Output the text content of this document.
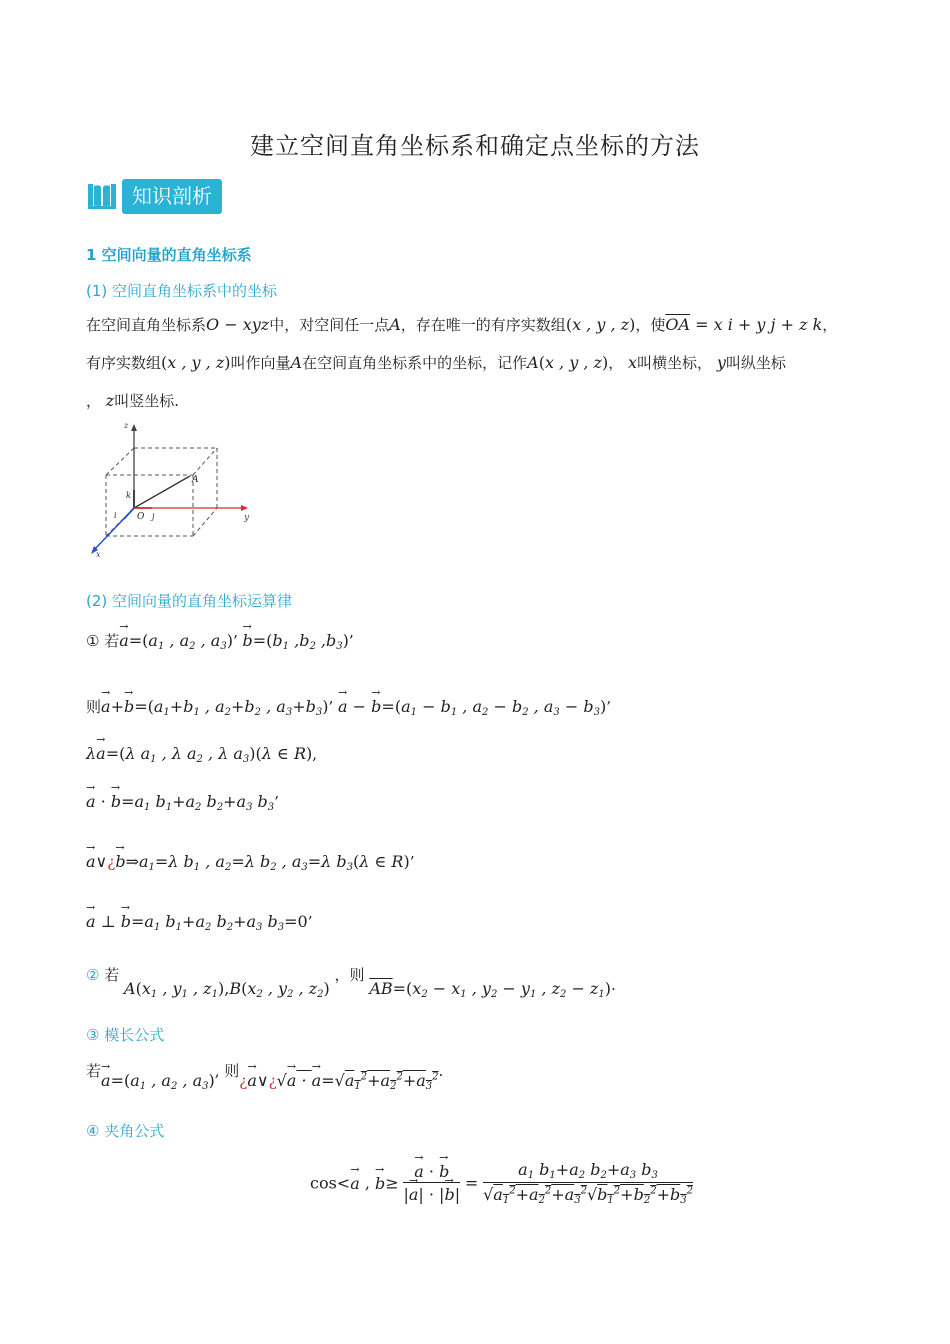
建立空间直角坐标系和确定点坐标的方法
知识剖析
1 空间向量的直角坐标系
(1) 空间直角坐标系中的坐标
在空间直角坐标系O − xyz中，对空间任一点A，存在唯一的有序实数组(x , y , z)，使$\overline{OA} = x$ i + y j + z k，
有序实数组(x , y , z)叫作向量A在空间直角坐标系中的坐标，记作A(x , y , z)， x叫横坐标， y叫纵坐标
， z叫竖坐标.
z
y
x
O
A
k
j
i
(2) 空间向量的直角坐标运算律
① 若→ $a=(a_1$ , $a_2$ , $a_3$)’ → $b=(b_1$ $,b_2$ $,b_3$)’
则→ $a+\to b=(a_1+b_1$ , $a_2+b_2$ , $a_3+b_3$)’ → a − → $b=(a_1 - b_1$ , $a_2 - b_2$ , $a_3 - b_3$)’
λ→ a=(λ $a_1$ , λ $a_2$ , λ $a_3)(\lambda$ ∈ R),
→ a · → $b=a_1$ $b_1+a_2$ $b_2+a_3$ $b_3$’
→ a∨¿→ $b\Rightarrow a_1=\lambda$ $b_1$ , $a_2=\lambda$ $b_2$ , $a_3=\lambda$ $b_3(\lambda$ ∈ R)’
→ a ⊥ → $b=a_1$ $b_1+a_2$ $b_2+a_3$ $b_3=0$’
② 若 $A(x_1$ , $y_1$ , $z_1),B(x_2$ , $y_2$ , $z_2$) ，则 $\overline{AB}=(x_2 - x_1$ , $y_2 - y_1$ , $z_2 - z_1$).
③ 模长公式
若→ $a=(a_1$ , $a_2$ , $a_3$), 则¿→ a∨¿√→ a · → $a=√a_1^2+a_2^2+a_3^2$.
④ 夹角公式
cos<→ a , → $b\ge \to \frac{a \cdot \to b}{|\to a| \cdot |\to b|} = \frac{a_1 b_1+a_2 b_2+a_3 b_3}{√a_1^2+a_2^2+a_3^2√b_1^2+b_2^2+b_3^2}$
